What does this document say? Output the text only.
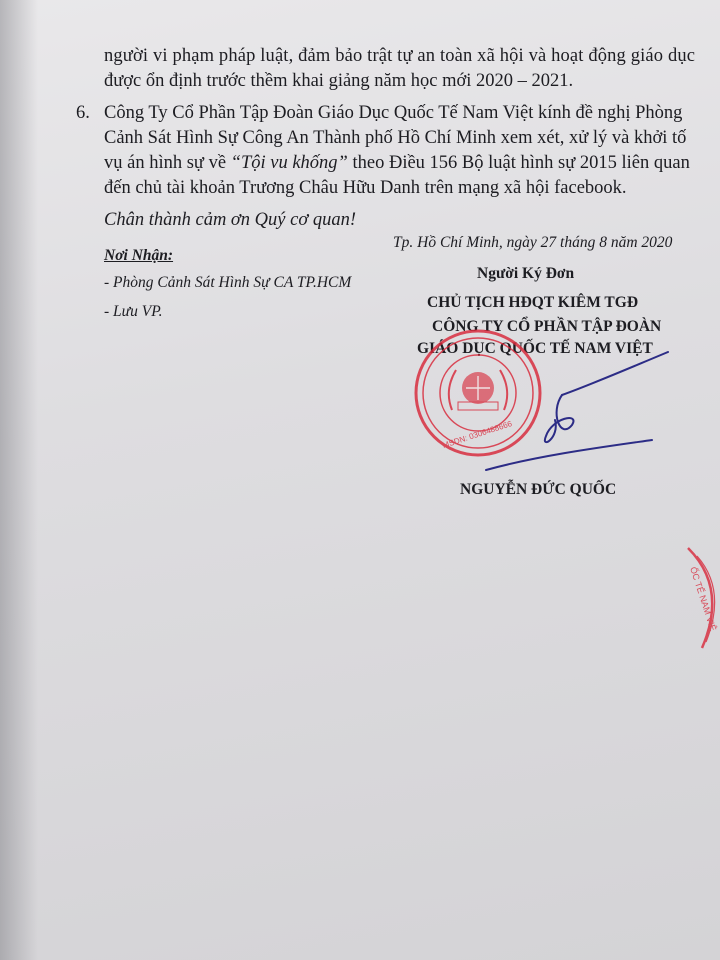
người vi phạm pháp luật, đảm bảo trật tự an toàn xã hội và hoạt động giáo dục
được ổn định trước thềm khai giảng năm học mới 2020 – 2021.
6. Công Ty Cổ Phần Tập Đoàn Giáo Dục Quốc Tế Nam Việt kính đề nghị Phòng
Cảnh Sát Hình Sự Công An Thành phố Hồ Chí Minh xem xét, xử lý và khởi tố
vụ án hình sự về “Tội vu khống” theo Điều 156 Bộ luật hình sự 2015 liên quan
đến chủ tài khoản Trương Châu Hữu Danh trên mạng xã hội facebook.
Chân thành cảm ơn Quý cơ quan!
Nơi Nhận:
- Phòng Cảnh Sát Hình Sự CA TP.HCM
- Lưu VP.
Tp. Hồ Chí Minh, ngày 27 tháng 8 năm 2020
Người Ký Đơn
CHỦ TỊCH HĐQT KIÊM TGĐ
CÔNG TY CỔ PHẦN TẬP ĐOÀN
GIÁO DỤC QUỐC TẾ NAM VIỆT
NGUYỄN ĐỨC QUỐC
MSDN: 0306488666
ỐC TẾ NAM VIỆ
